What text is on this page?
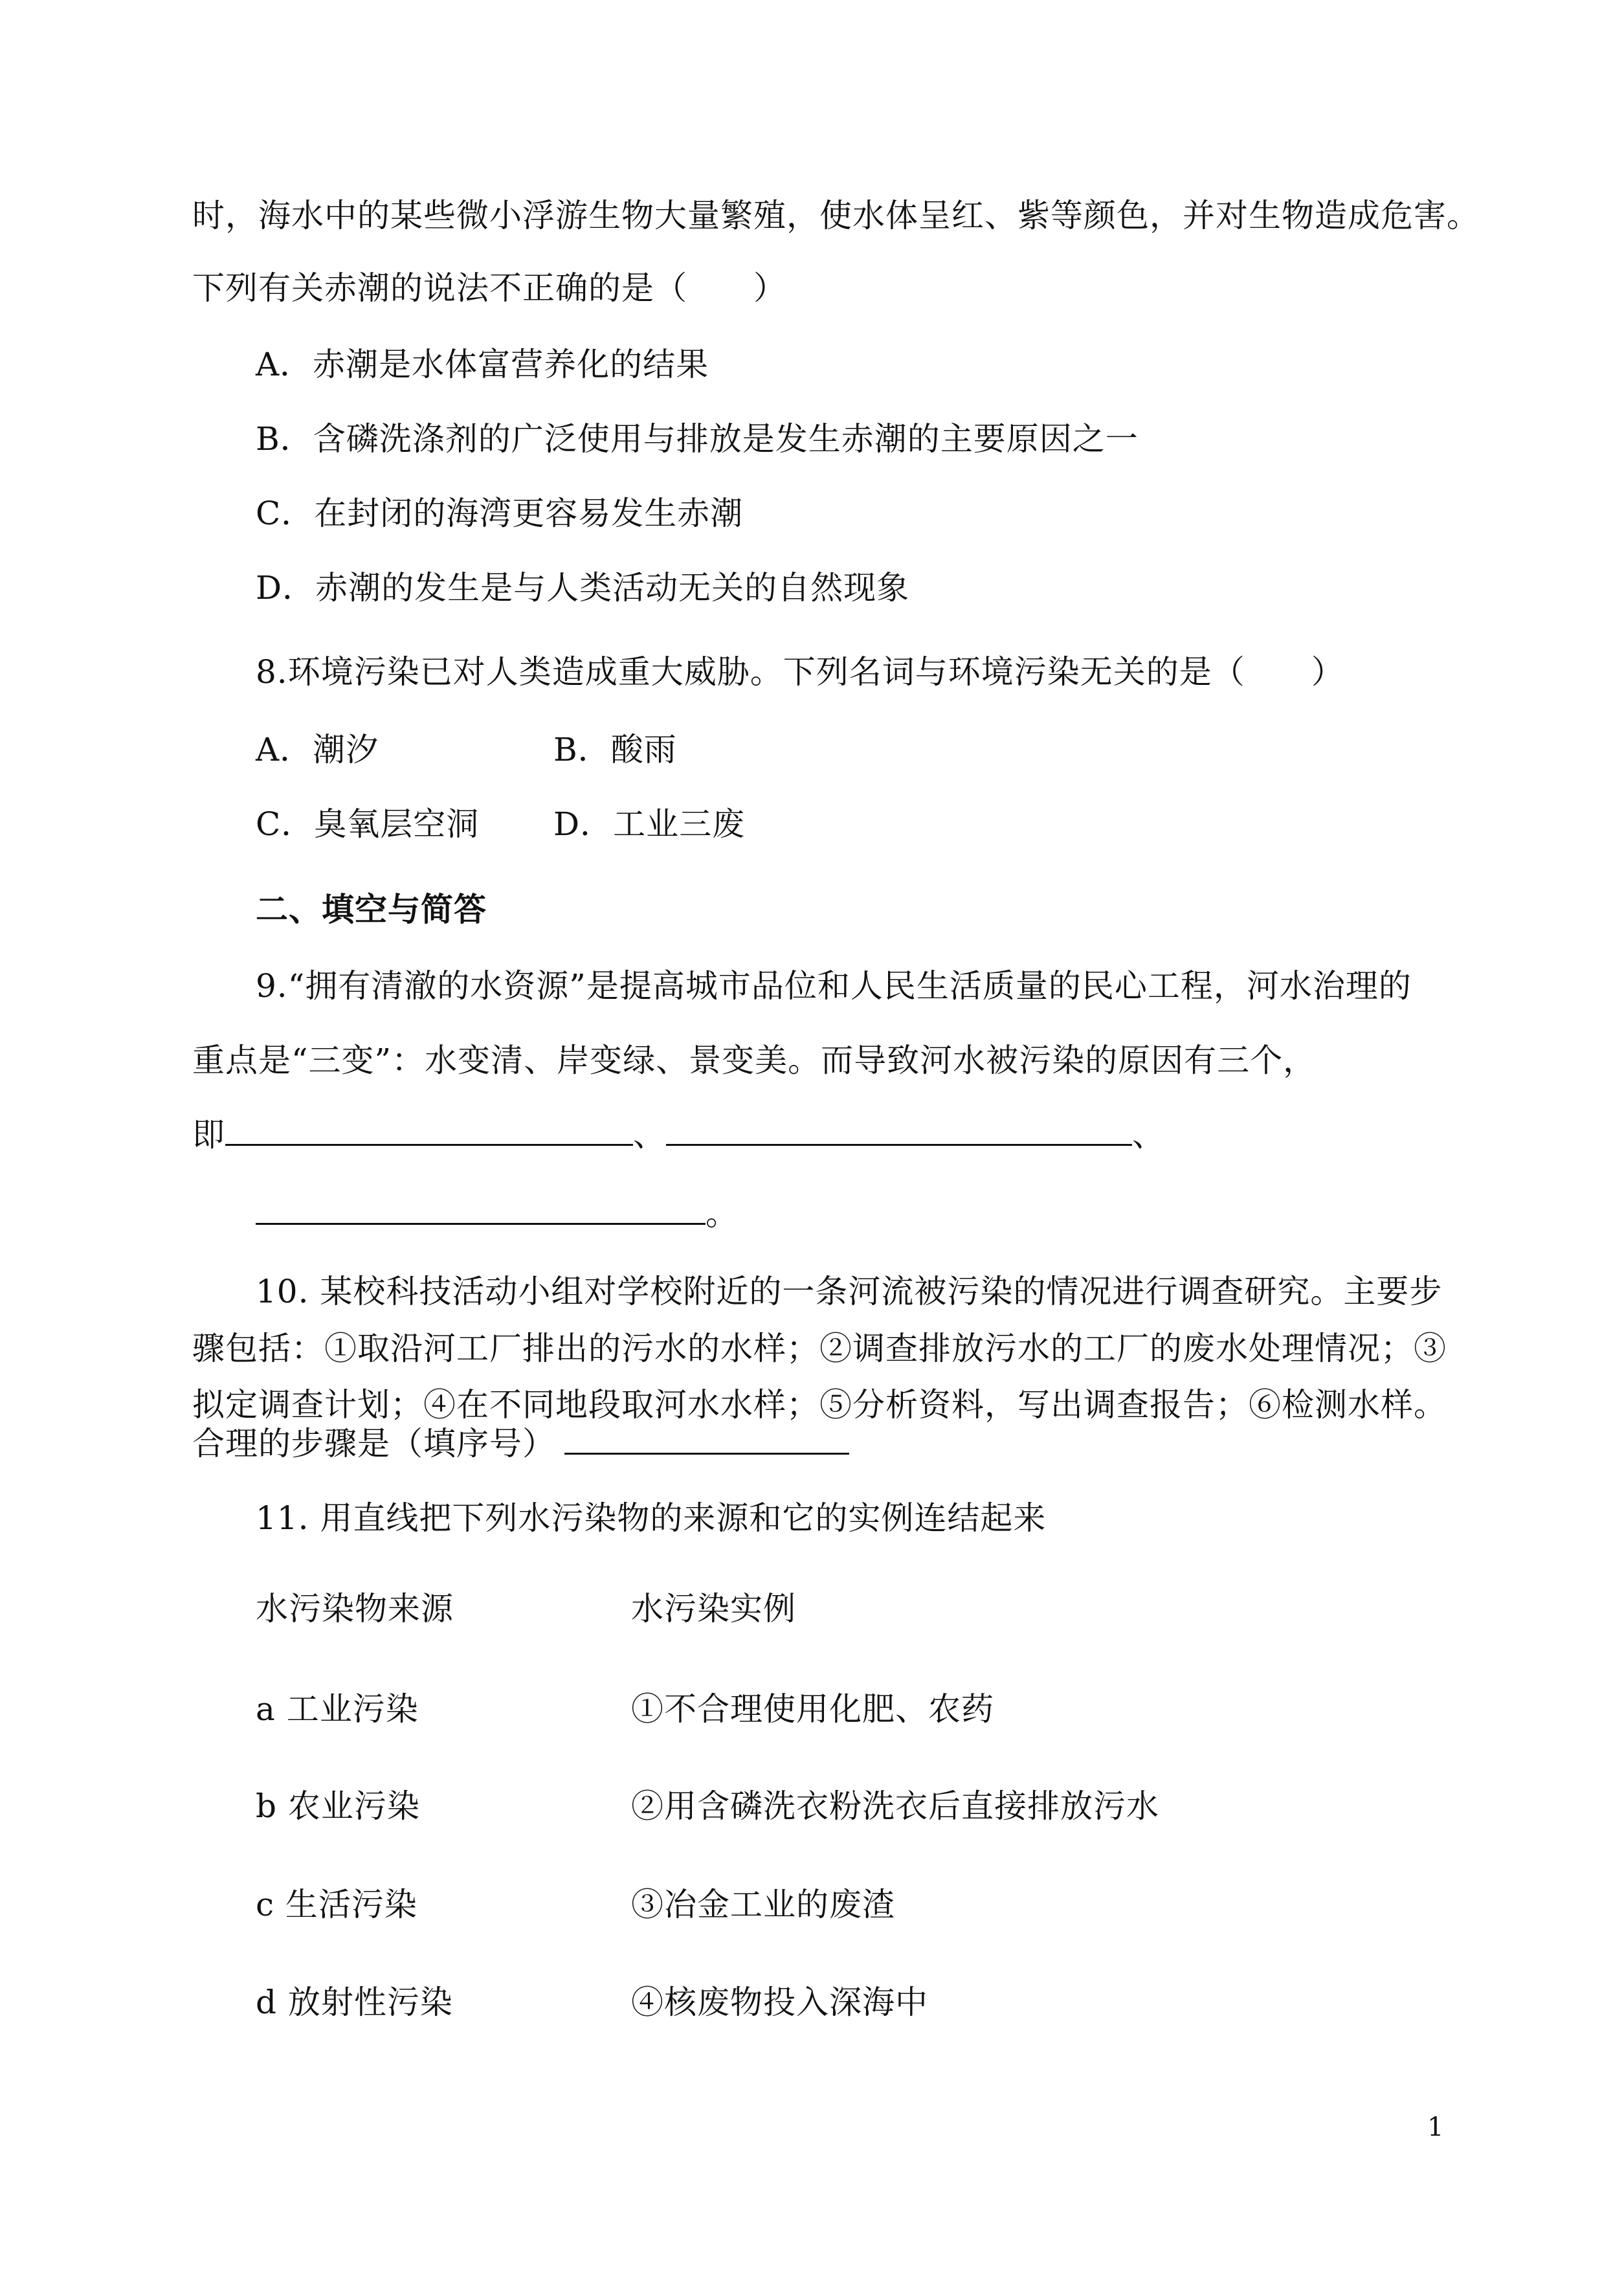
时，海水中的某些微小浮游生物大量繁殖，使水体呈红、紫等颜色，并对生物造成危害。
下列有关赤潮的说法不正确的是（　　）
A．赤潮是水体富营养化的结果
B．含磷洗涤剂的广泛使用与排放是发生赤潮的主要原因之一
C．在封闭的海湾更容易发生赤潮
D．赤潮的发生是与人类活动无关的自然现象
8.环境污染已对人类造成重大威胁。下列名词与环境污染无关的是（　　）
A．潮汐	B．酸雨
C．臭氧层空洞 D．工业三废
二、填空与简答
9.“拥有清澈的水资源”是提高城市品位和人民生活质量的民心工程，河水治理的
重点是“三变”：水变清、岸变绿、景变美。而导致河水被污染的原因有三个，
即	、	、
。
10. 某校科技活动小组对学校附近的一条河流被污染的情况进行调查研究。主要步
骤包括：①取沿河工厂排出的污水的水样；②调查排放污水的工厂的废水处理情况；③
拟定调查计划；④在不同地段取河水水样；⑤分析资料，写出调查报告；⑥检测水样。
合理的步骤是（填序号）
11. 用直线把下列水污染物的来源和它的实例连结起来
水污染物来源	水污染实例
a 工业污染	①不合理使用化肥、农药
b 农业污染	②用含磷洗衣粉洗衣后直接排放污水
c 生活污染	③冶金工业的废渣
d 放射性污染	④核废物投入深海中
1
